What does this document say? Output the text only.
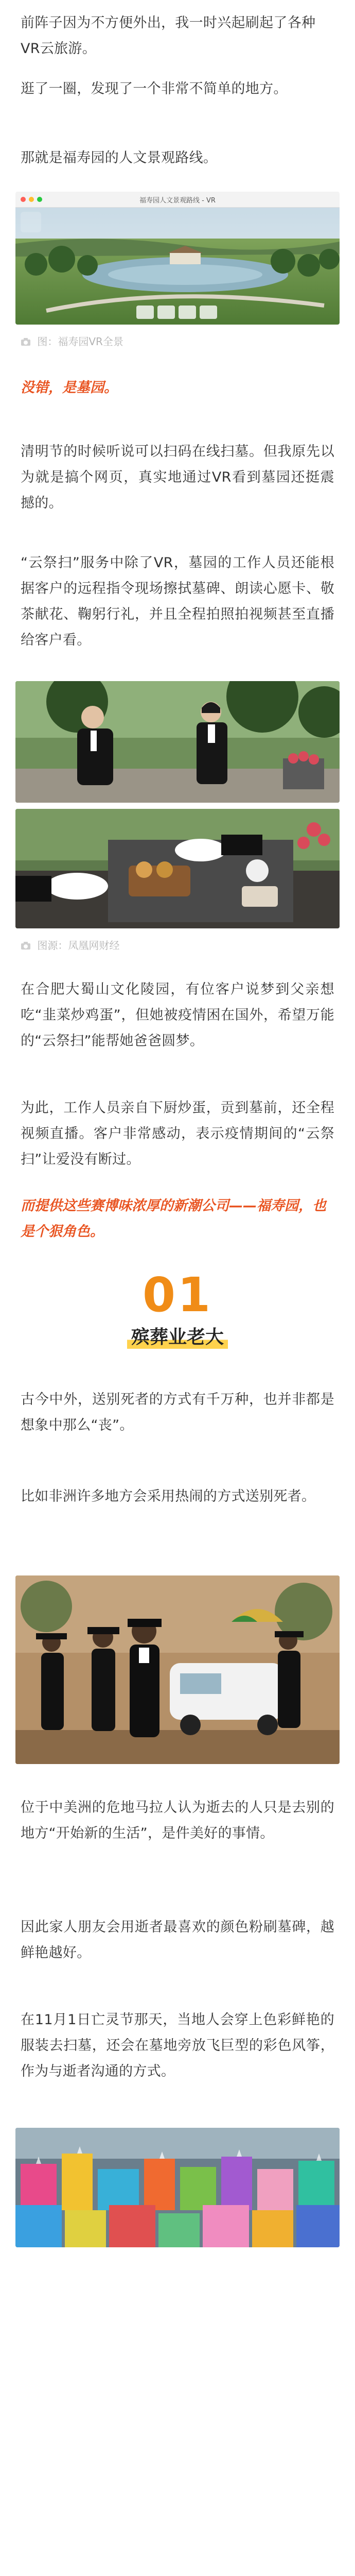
前阵子因为不方便外出，我一时兴起刷起了各种VR云旅游。

逛了一圈，发现了一个非常不简单的地方。

那就是福寿园的人文景观路线。

福寿园人文景观路线 - VR
图：福寿园VR全景

没错，是墓园。

清明节的时候听说可以扫码在线扫墓。但我原先以为就是搞个网页，真实地通过VR看到墓园还挺震撼的。

“云祭扫”服务中除了VR，墓园的工作人员还能根据客户的远程指令现场擦拭墓碑、朗读心愿卡、敬茶献花、鞠躬行礼，并且全程拍照拍视频甚至直播给客户看。

图源：凤凰网财经

在合肥大蜀山文化陵园，有位客户说梦到父亲想吃“韭菜炒鸡蛋”，但她被疫情困在国外，希望万能的“云祭扫”能帮她爸爸圆梦。

为此，工作人员亲自下厨炒蛋，贡到墓前，还全程视频直播。客户非常感动，表示疫情期间的“云祭扫”让爱没有断过。

而提供这些赛博味浓厚的新潮公司——福寿园，也是个狠角色。

01
殡葬业老大

古今中外，送别死者的方式有千万种，也并非都是想象中那么“丧”。

比如非洲许多地方会采用热闹的方式送别死者。

位于中美洲的危地马拉人认为逝去的人只是去别的地方“开始新的生活”，是件美好的事情。

因此家人朋友会用逝者最喜欢的颜色粉刷墓碑，越鲜艳越好。

在11月1日亡灵节那天，当地人会穿上色彩鲜艳的服装去扫墓，还会在墓地旁放飞巨型的彩色风筝，作为与逝者沟通的方式。
